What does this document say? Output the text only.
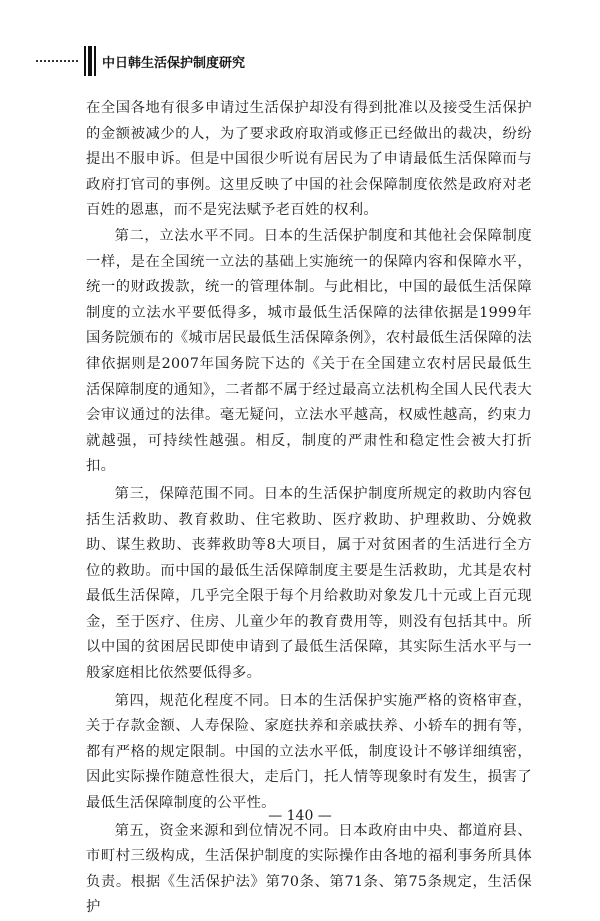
中日韩生活保护制度研究

在全国各地有很多申请过生活保护却没有得到批准以及接受生活保护的金额被减少的人，为了要求政府取消或修正已经做出的裁决，纷纷提出不服申诉。但是中国很少听说有居民为了申请最低生活保障而与政府打官司的事例。这里反映了中国的社会保障制度依然是政府对老百姓的恩惠，而不是宪法赋予老百姓的权利。

第二，立法水平不同。日本的生活保护制度和其他社会保障制度一样，是在全国统一立法的基础上实施统一的保障内容和保障水平，统一的财政拨款，统一的管理体制。与此相比，中国的最低生活保障制度的立法水平要低得多，城市最低生活保障的法律依据是1999年国务院颁布的《城市居民最低生活保障条例》，农村最低生活保障的法律依据则是2007年国务院下达的《关于在全国建立农村居民最低生活保障制度的通知》，二者都不属于经过最高立法机构全国人民代表大会审议通过的法律。毫无疑问，立法水平越高，权威性越高，约束力就越强，可持续性越强。相反，制度的严肃性和稳定性会被大打折扣。

第三，保障范围不同。日本的生活保护制度所规定的救助内容包括生活救助、教育救助、住宅救助、医疗救助、护理救助、分娩救助、谋生救助、丧葬救助等8大项目，属于对贫困者的生活进行全方位的救助。而中国的最低生活保障制度主要是生活救助，尤其是农村最低生活保障，几乎完全限于每个月给救助对象发几十元或上百元现金，至于医疗、住房、儿童少年的教育费用等，则没有包括其中。所以中国的贫困居民即使申请到了最低生活保障，其实际生活水平与一般家庭相比依然要低得多。

第四，规范化程度不同。日本的生活保护实施严格的资格审查，关于存款金额、人寿保险、家庭扶养和亲戚扶养、小轿车的拥有等，都有严格的规定限制。中国的立法水平低，制度设计不够详细缜密，因此实际操作随意性很大，走后门，托人情等现象时有发生，损害了最低生活保障制度的公平性。

第五，资金来源和到位情况不同。日本政府由中央、都道府县、市町村三级构成，生活保护制度的实际操作由各地的福利事务所具体负责。根据《生活保护法》第70条、第71条、第75条规定，生活保护

— 140 —
